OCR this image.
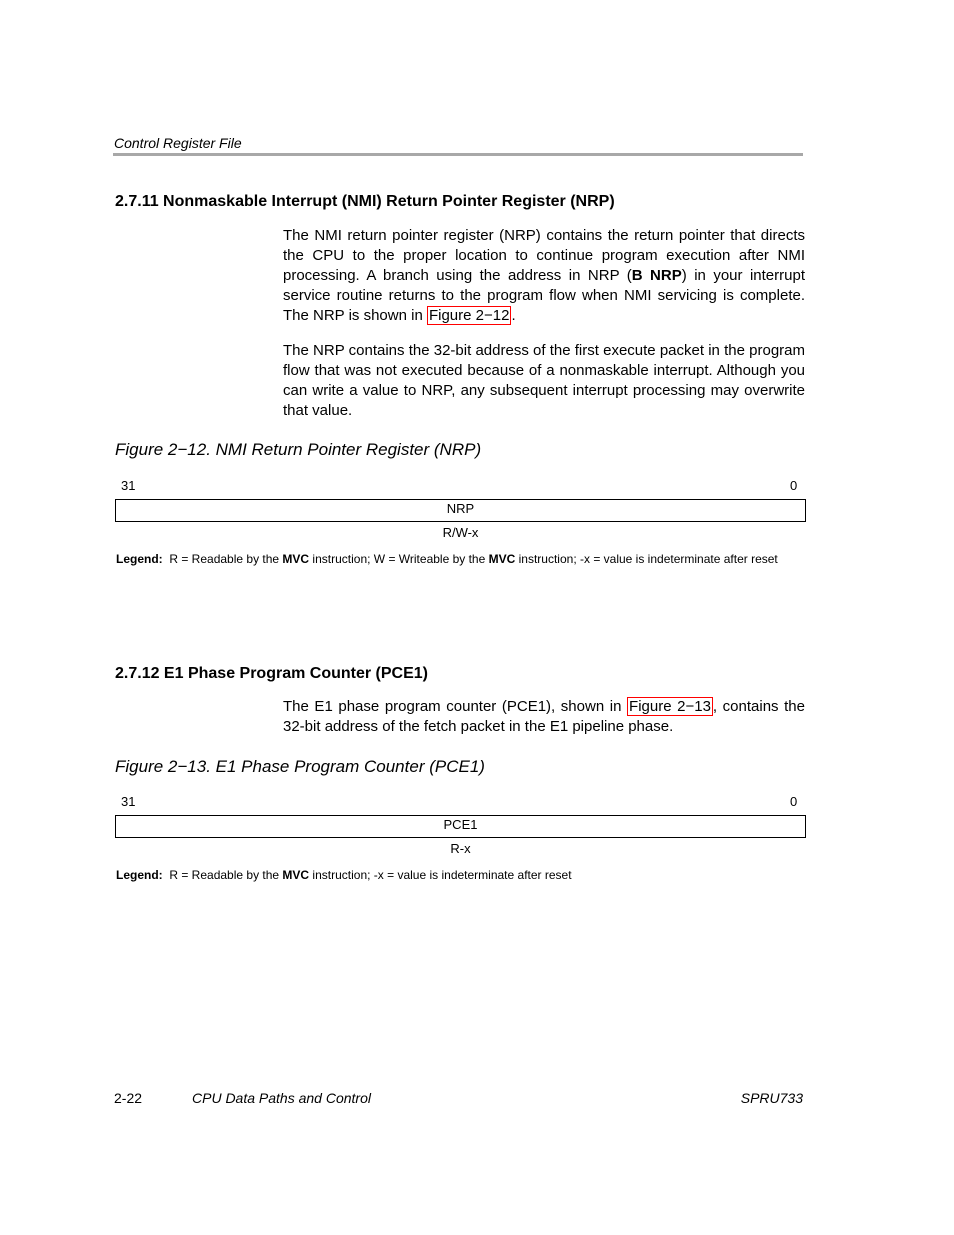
Control Register File
2.7.11 Nonmaskable Interrupt (NMI) Return Pointer Register (NRP)
The NMI return pointer register (NRP) contains the return pointer that directs the CPU to the proper location to continue program execution after NMI processing. A branch using the address in NRP (B NRP) in your interrupt service routine returns to the program flow when NMI servicing is complete. The NRP is shown in Figure 2−12 .
The NRP contains the 32-bit address of the first execute packet in the program flow that was not executed because of a nonmaskable interrupt. Although you can write a value to NRP, any subsequent interrupt processing may overwrite that value.
Figure 2−12. NMI Return Pointer Register (NRP)
31	0
NRP
R/W-x
Legend: R = Readable by the MVC instruction; W = Writeable by the MVC instruction; -x = value is indeterminate after reset
2.7.12 E1 Phase Program Counter (PCE1)
The E1 phase program counter (PCE1), shown in Figure 2−13 , contains the 32-bit address of the fetch packet in the E1 pipeline phase.
Figure 2−13. E1 Phase Program Counter (PCE1)
31	0
PCE1
R-x
Legend: R = Readable by the MVC instruction; -x = value is indeterminate after reset
2-22	CPU Data Paths and Control	SPRU733
